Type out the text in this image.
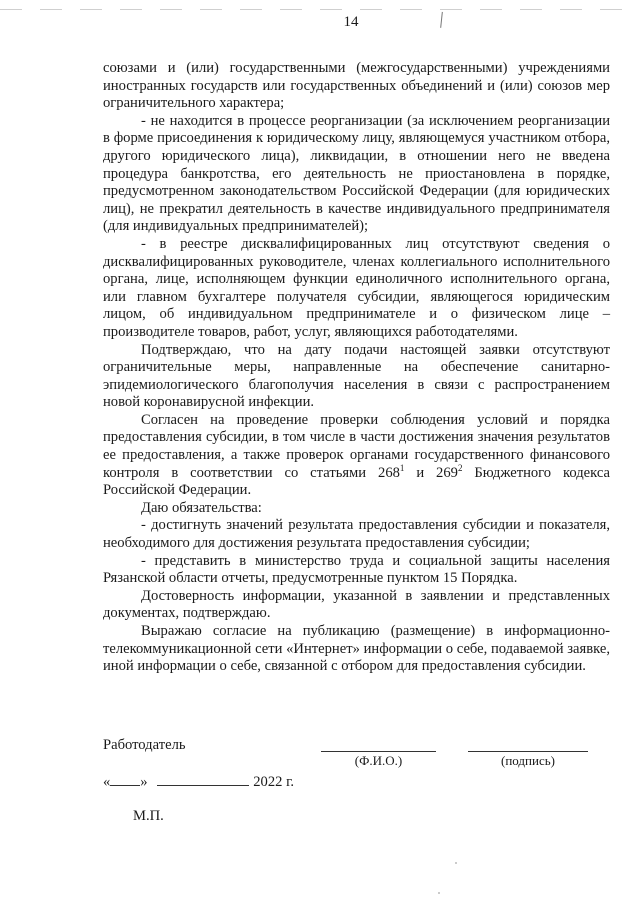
14

союзами и (или) государственными (межгосударственными) учреждениями иностранных государств или государственных объединений и (или) союзов мер ограничительного характера;

- не находится в процессе реорганизации (за исключением реорганизации в форме присоединения к юридическому лицу, являющемуся участником отбора, другого юридического лица), ликвидации, в отношении него не введена процедура банкротства, его деятельность не приостановлена в порядке, предусмотренном законодательством Российской Федерации (для юридических лиц), не прекратил деятельность в качестве индивидуального предпринимателя (для индивидуальных предпринимателей);

- в реестре дисквалифицированных лиц отсутствуют сведения о дисквалифицированных руководителе, членах коллегиального исполнительного органа, лице, исполняющем функции единоличного исполнительного органа, или главном бухгалтере получателя субсидии, являющегося юридическим лицом, об индивидуальном предпринимателе и о физическом лице – производителе товаров, работ, услуг, являющихся работодателями.

Подтверждаю, что на дату подачи настоящей заявки отсутствуют ограничительные меры, направленные на обеспечение санитарно-эпидемиологического благополучия населения в связи с распространением новой коронавирусной инфекции.

Согласен на проведение проверки соблюдения условий и порядка предоставления субсидии, в том числе в части достижения значения результатов ее предоставления, а также проверок органами государственного финансового контроля в соответствии со статьями $268^1$ и $269^2$ Бюджетного кодекса Российской Федерации.

Даю обязательства:

- достигнуть значений результата предоставления субсидии и показателя, необходимого для достижения результата предоставления субсидии;

- представить в министерство труда и социальной защиты населения Рязанской области отчеты, предусмотренные пунктом 15 Порядка.

Достоверность информации, указанной в заявлении и представленных документах, подтверждаю.

Выражаю согласие на публикацию (размещение) в информационно-телекоммуникационной сети «Интернет» информации о себе, подаваемой заявке, иной информации о себе, связанной с отбором для предоставления субсидии.

Работодатель
(Ф.И.О.)	(подпись)
« »	2022 г.
М.П.
